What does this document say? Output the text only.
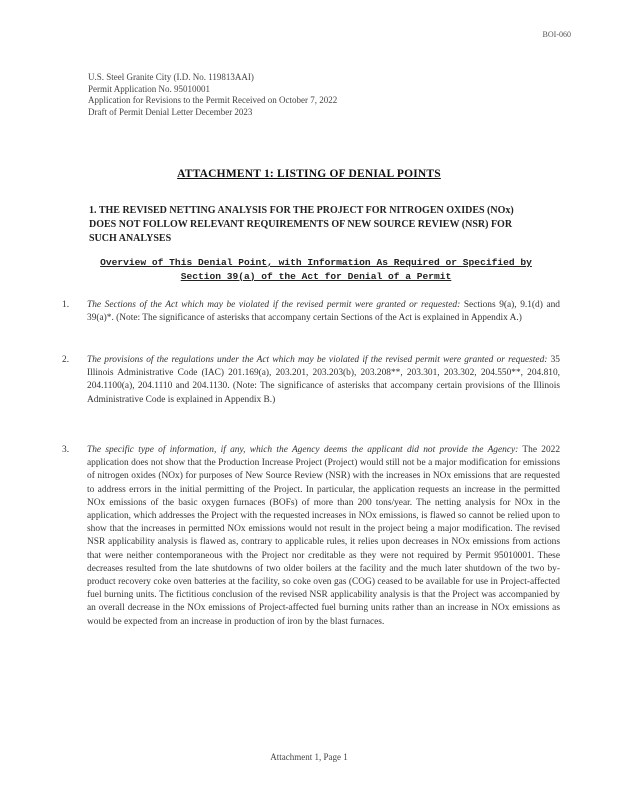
BOI-060
U.S. Steel Granite City (I.D. No. 119813AAI)
Permit Application No. 95010001
Application for Revisions to the Permit Received on October 7, 2022
Draft of Permit Denial Letter December 2023
ATTACHMENT 1: LISTING OF DENIAL POINTS
1. THE REVISED NETTING ANALYSIS FOR THE PROJECT FOR NITROGEN OXIDES (NOx) DOES NOT FOLLOW RELEVANT REQUIREMENTS OF NEW SOURCE REVIEW (NSR) FOR SUCH ANALYSES
Overview of This Denial Point, with Information As Required or Specified by Section 39(a) of the Act for Denial of a Permit
1. The Sections of the Act which may be violated if the revised permit were granted or requested: Sections 9(a), 9.1(d) and 39(a)*. (Note: The significance of asterisks that accompany certain Sections of the Act is explained in Appendix A.)
2. The provisions of the regulations under the Act which may be violated if the revised permit were granted or requested: 35 Illinois Administrative Code (IAC) 201.169(a), 203.201, 203.203(b), 203.208**, 203.301, 203.302, 204.550**, 204.810, 204.1100(a), 204.1110 and 204.1130. (Note: The significance of asterisks that accompany certain provisions of the Illinois Administrative Code is explained in Appendix B.)
3. The specific type of information, if any, which the Agency deems the applicant did not provide the Agency: The 2022 application does not show that the Production Increase Project (Project) would still not be a major modification for emissions of nitrogen oxides (NOx) for purposes of New Source Review (NSR) with the increases in NOx emissions that are requested to address errors in the initial permitting of the Project. In particular, the application requests an increase in the permitted NOx emissions of the basic oxygen furnaces (BOFs) of more than 200 tons/year. The netting analysis for NOx in the application, which addresses the Project with the requested increases in NOx emissions, is flawed so cannot be relied upon to show that the increases in permitted NOx emissions would not result in the project being a major modification. The revised NSR applicability analysis is flawed as, contrary to applicable rules, it relies upon decreases in NOx emissions from actions that were neither contemporaneous with the Project nor creditable as they were not required by Permit 95010001. These decreases resulted from the late shutdowns of two older boilers at the facility and the much later shutdown of the two by-product recovery coke oven batteries at the facility, so coke oven gas (COG) ceased to be available for use in Project-affected fuel burning units. The fictitious conclusion of the revised NSR applicability analysis is that the Project was accompanied by an overall decrease in the NOx emissions of Project-affected fuel burning units rather than an increase in NOx emissions as would be expected from an increase in production of iron by the blast furnaces.
Attachment 1, Page 1
